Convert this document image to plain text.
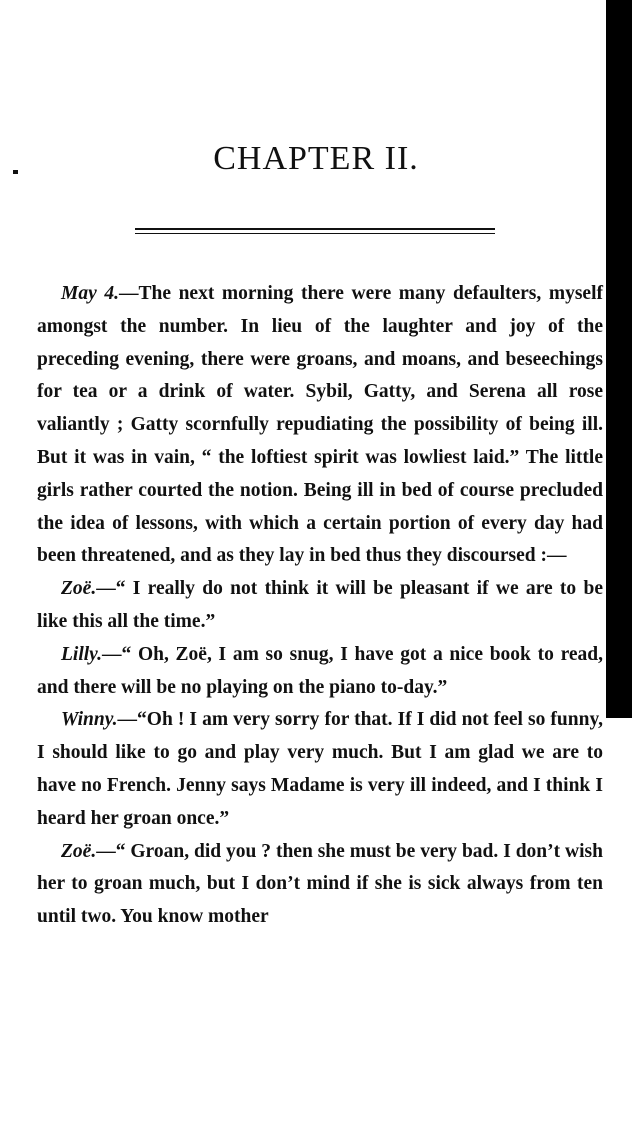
CHAPTER II.

May 4.—The next morning there were many defaulters, myself amongst the number. In lieu of the laughter and joy of the preceding evening, there were groans, and moans, and beseechings for tea or a drink of water. Sybil, Gatty, and Serena all rose valiantly ; Gatty scornfully repudiating the possibility of being ill. But it was in vain, “ the loftiest spirit was lowliest laid.” The little girls rather courted the notion. Being ill in bed of course precluded the idea of lessons, with which a certain portion of every day had been threatened, and as they lay in bed thus they discoursed :—

Zoë.—“ I really do not think it will be pleasant if we are to be like this all the time.”

Lilly.—“ Oh, Zoë, I am so snug, I have got a nice book to read, and there will be no playing on the piano to-day.”

Winny.—“Oh ! I am very sorry for that. If I did not feel so funny, I should like to go and play very much. But I am glad we are to have no French. Jenny says Madame is very ill indeed, and I think I heard her groan once.”

Zoë.—“ Groan, did you ? then she must be very bad. I don’t wish her to groan much, but I don’t mind if she is sick always from ten until two. You know mother
